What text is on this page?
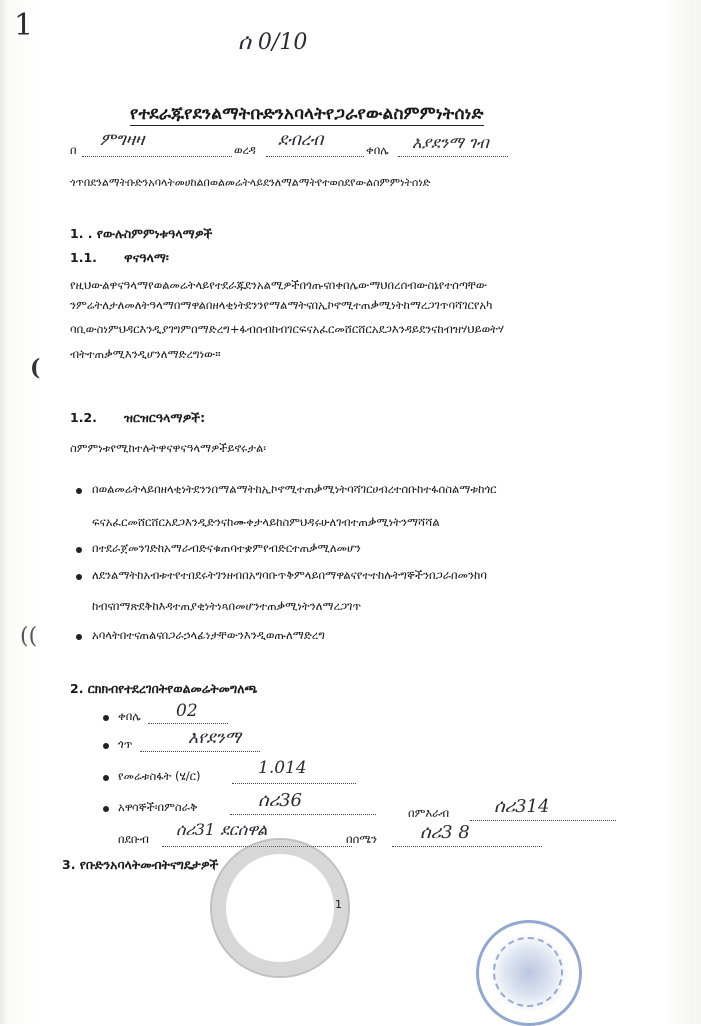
1	ሰ 0/10
የተደራጁየደንልማትቡድንአባላትየጋራየውልስምምነትሰነድ
በ ምግዛዛ	ወረዳ ደብረብ	ቀበሌ እያደንማ ገብ
ጎጥበደንልማትቡድንአባላትመሀከልበወልመሬትላይደንለማልማትየተወሰደየውልስምምነትሰነድ
1. . የውሉስምምነቱዓላማዎች
1.1. ዋናዓላማ፡
የዚህውልዋናዓላማየወልመሬትላይየተደራጁደንአልሚዎችበጎጡናበቀበሌውማህበረሰብውስኔየተሰጣቸው
ንምሬትለታለመለትዓላማበማዋልበዘላቂነትደንንየማልማትናበኢኮኖሚተጠቃሚነትከማረጋገጥባሻገርየአካ
ባቢውስነምህዳርእንዲያገግምበማድረግ+ፋብሰብከብገርፍናአፈርመሸርሸርአደጋእንዳይደንናከብዝሃህይወትሃ
ብትተጠቃሚእንዲሆንለማድረግነው።
(
1.2. ዝርዝርዓላማዎች:
ስምምነቱየሚከተሉትዋናዋናዓላማዎችይኖሩታል፡
በወልመሬትላይበዘላቂነትደንንበማልማትከኢኮኖሚተጠቃሚነትባሻገርሀብረተሰቡከተፋሰስልማቱከጎር
ፍናአፈርመሸርሸርአደጋእንዲድንናከሙቀታላይከስምህዳሩሁለገብተጠቃሚነትንማሻሻል
በተደራጀመንገድከአማራብድናቁጠባተቋምየብድርተጠቃሚለመሆን
ለደንልማትከአብቱተየተበደሩትገንዘብበአግባቡጥቅምላይበማዋልናየተተከሉትግኞችንበጋራበመንከባ
ከብናበማጽደቅከእዳተጠያቂነትነጻበመሆንተጠቃሚነትንለማረጋገጥ
((	አባላትበተናጠልናበጋራኃላፊነታቸውንእንዲወጡለማድረግ
2. ርክክብየተደረገበትየወልመሬትመግለጫ
ቀበሌ 02
ጎጥ	እየደንማ
የመሬቱስፋት (ሄ/ር)	1.014
አዋሳኞች፡በምስራቅ	ሰሪ36
በምእራብ ሰሪ314
በደቡብ ሰሪ31 ደርሰዋል	በሰሜን ሰሪ3 8
3. የቡድንአባላትመብትናግዴታዎች
1
